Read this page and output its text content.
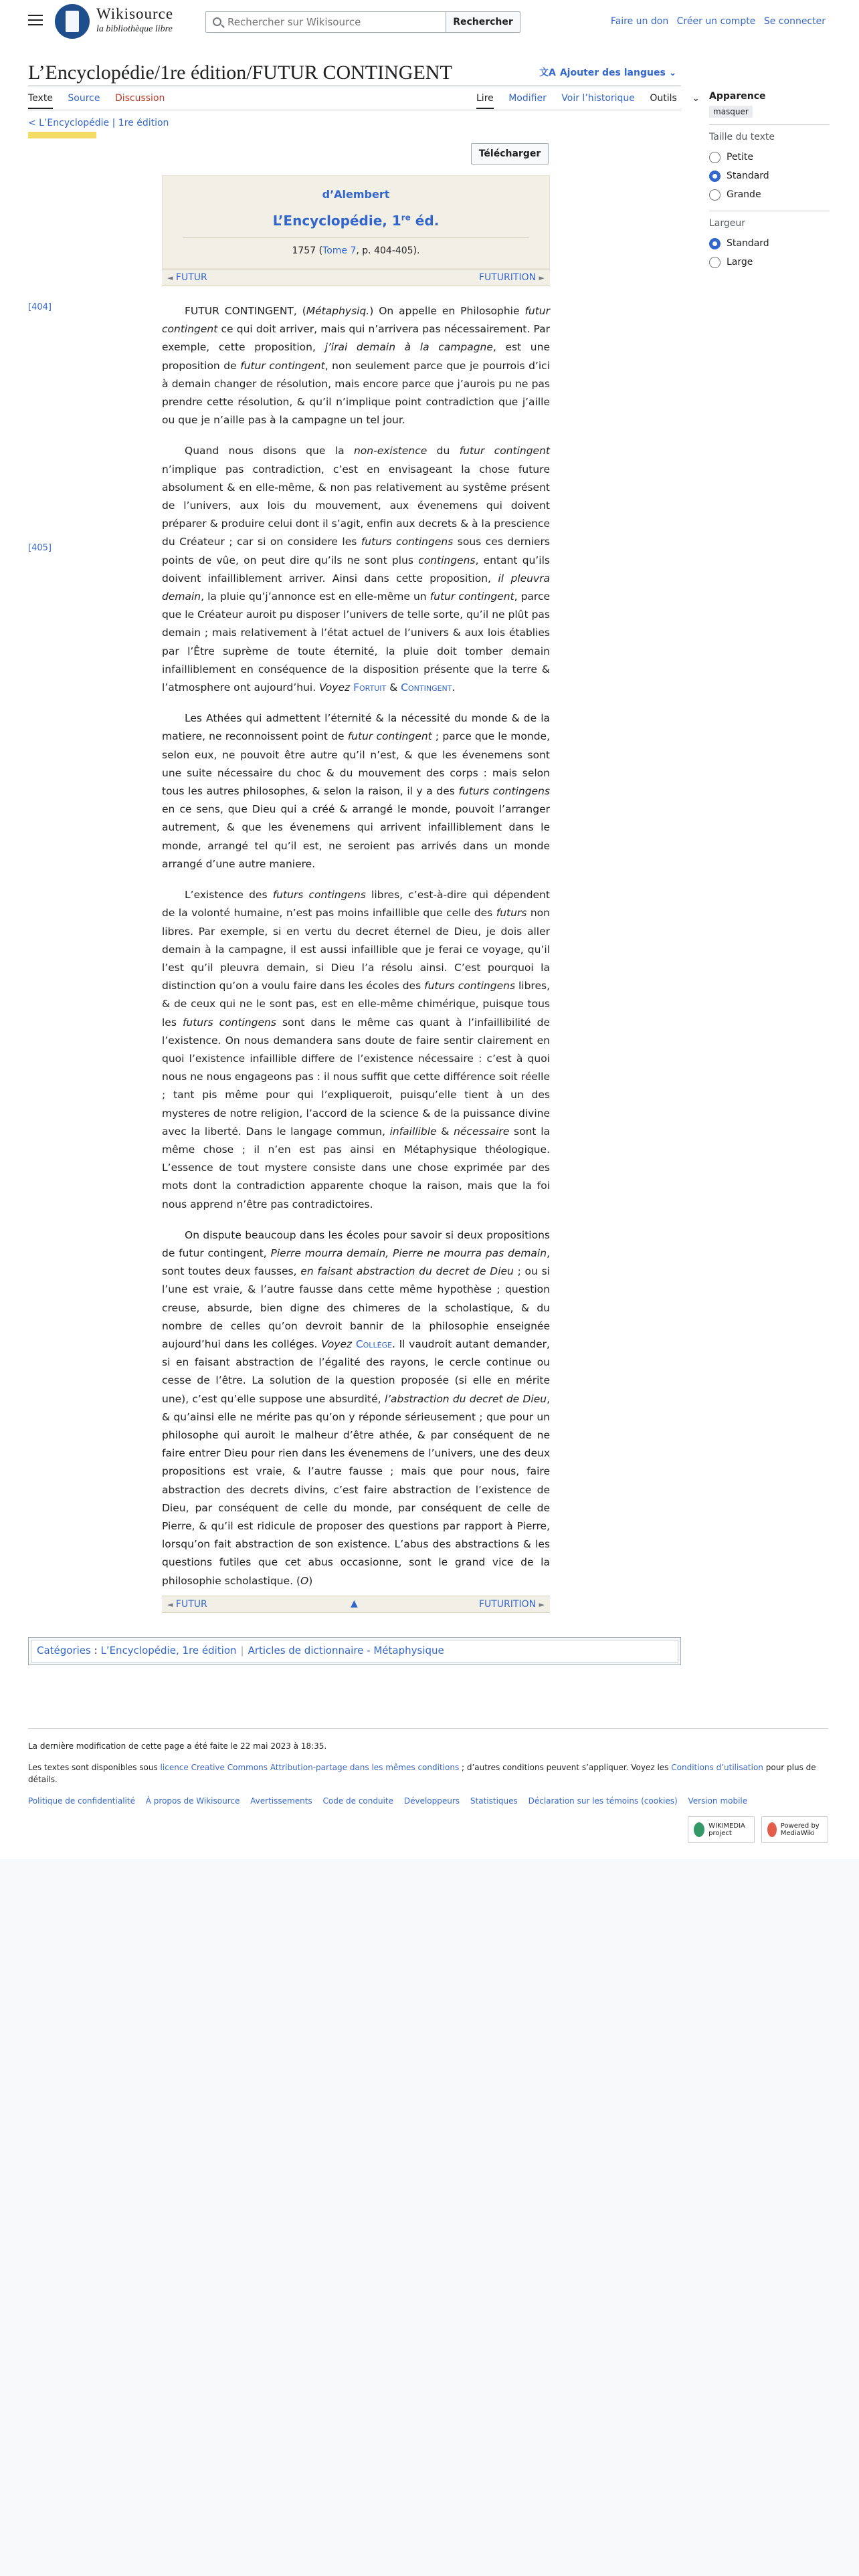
Wikisource
la bibliothèque libre
Rechercher sur Wikisource
Rechercher	Faire un don Créer un compte Se connecter
L’Encyclopédie/1re édition/FUTUR CONTINGENT	文A Ajouter des langues ⌄
Texte Source Discussion	Lire Modifier Voir l’historique Outils ⌄
< L’Encyclopédie | 1re édition
Apparence
masquer
Taille du texte
Petite
Standard
Grande
Largeur
Standard
Large
Télécharger
d’Alembert
L’Encyclopédie, 1re éd.
1757 (Tome 7, p. 404-405).
◄ FUTUR	FUTURITION ►
[404]
[405]

FUTUR CONTINGENT, (Métaphysiq.) On appelle en Philosophie futur contingent ce qui doit arriver, mais qui n’arrivera pas nécessairement. Par exemple, cette proposition, j’irai demain à la campagne, est une proposition de futur contingent, non seulement parce que je pourrois d’ici à demain changer de résolution, mais encore parce que j’aurois pu ne pas prendre cette résolution, & qu’il n’implique point contradiction que j’aille ou que je n’aille pas à la campagne un tel jour.

Quand nous disons que la non-existence du futur contingent n’implique pas contradiction, c’est en envisageant la chose futurе absolument & en elle-même, & non pas relativement au systême présent de l’univers, aux lois du mouvement, aux évenemens qui doivent préparer & produire celui dont il s’agit, enfin aux decrets & à la prescience du Créateur ; car si on considere les futurs contingens sous ces derniers points de vûe, on peut dire qu’ils ne sont plus contingens, entant qu’ils doivent infailliblement arriver. Ainsi dans cette proposition, il pleuvra demain, la pluie qu’j’annonce est en elle-même un futur contingent, parce que le Créateur auroit pu disposer l’univers de telle sorte, qu’il ne plût pas demain ; mais relativement à l’état actuel de l’univers & aux lois établies par l’Être suprème de toute éternité, la pluie doit tomber demain infailliblement en conséquence de la disposition présente que la terre & l’atmosphere ont aujourd’hui. Voyez Fortuit & Contingent.

Les Athées qui admettent l’éternité & la nécessité du monde & de la matiere, ne reconnoissent point de futur contingent ; parce que le monde, selon eux, ne pouvoit être autre qu’il n’est, & que les évenemens sont une suite nécessaire du choc & du mouvement des corps : mais selon tous les autres philosophes, & selon la raison, il y a des futurs contingens en ce sens, que Dieu qui a créé & arrangé le monde, pouvoit l’arranger autrement, & que les évenemens qui arrivent infailliblement dans le monde, arrangé tel qu’il est, ne seroient pas arrivés dans un monde arrangé d’une autre maniere.

L’existence des futurs contingens libres, c’est-à-dire qui dépendent de la volonté humaine, n’est pas moins infaillible que celle des futurs non libres. Par exemple, si en vertu du decret éternel de Dieu, je dois aller demain à la campagne, il est aussi infaillible que je ferai ce voyage, qu’il l’est qu’il pleuvra demain, si Dieu l’a résolu ainsi. C’est pourquoi la distinction qu’on a voulu faire dans les écoles des futurs contingens libres, & de ceux qui ne le sont pas, est en elle-même chimérique, puisque tous les futurs contingens sont dans le même cas quant à l’infaillibilité de l’existence. On nous demandera sans doute de faire sentir clairement en quoi l’existence infaillible differe de l’existence nécessaire : c’est à quoi nous ne nous engageons pas : il nous suffit que cette différence soit réelle ; tant pis même pour qui l’expliqueroit, puisqu’elle tient à un des mysteres de notre religion, l’accord de la science & de la puissance divine avec la liberté. Dans le langage commun, infaillible & nécessaire sont la même chose ; il n’en est pas ainsi en Métaphysique théologique. L’essence de tout mystere consiste dans une chose exprimée par des mots dont la contradiction apparente choque la raison, mais que la foi nous apprend n’être pas contradictoires.

On dispute beaucoup dans les écoles pour savoir si deux propositions de futur contingent, Pierre mourra demain, Pierre ne mourra pas demain, sont toutes deux fausses, en faisant abstraction du decret de Dieu ; ou si l’une est vraie, & l’autre fausse dans cette même hypothèse ; question creuse, absurde, bien digne des chimeres de la scholastique, & du nombre de celles qu’on devroit bannir de la philosophie enseignée aujourd’hui dans les colléges. Voyez Collége. Il vaudroit autant demander, si en faisant abstraction de l’égalité des rayons, le cercle continue ou cesse de l’être. La solution de la question proposée (si elle en mérite une), c’est qu’elle suppose une absurdité, l’abstraction du decret de Dieu, & qu’ainsi elle ne mérite pas qu’on y réponde sérieusement ; que pour un philosophe qui auroit le malheur d’être athée, & par conséquent de ne faire entrer Dieu pour rien dans les évenemens de l’univers, une des deux propositions est vraie, & l’autre fausse ; mais que pour nous, faire abstraction des decrets divins, c’est faire abstraction de l’existence de Dieu, par conséquent de celle du monde, par conséquent de celle de Pierre, & qu’il est ridicule de proposer des questions par rapport à Pierre, lorsqu’on fait abstraction de son existence. L’abus des abstractions & les questions futiles que cet abus occasionne, sont le grand vice de la philosophie scholastique. (O)

◄ FUTUR	▲	FUTURITION ►
Catégories : L’Encyclopédie, 1re édition | Articles de dictionnaire - Métaphysique

La dernière modification de cette page a été faite le 22 mai 2023 à 18:35.

Les textes sont disponibles sous licence Creative Commons Attribution-partage dans les mêmes conditions ; d’autres conditions peuvent s’appliquer. Voyez les Conditions d’utilisation pour plus de détails.

Politique de confidentialité À propos de Wikisource Avertissements Code de conduite Développeurs Statistiques Déclaration sur les témoins (cookies) Version mobile
WIKIMEDIA project
Powered by MediaWiki
